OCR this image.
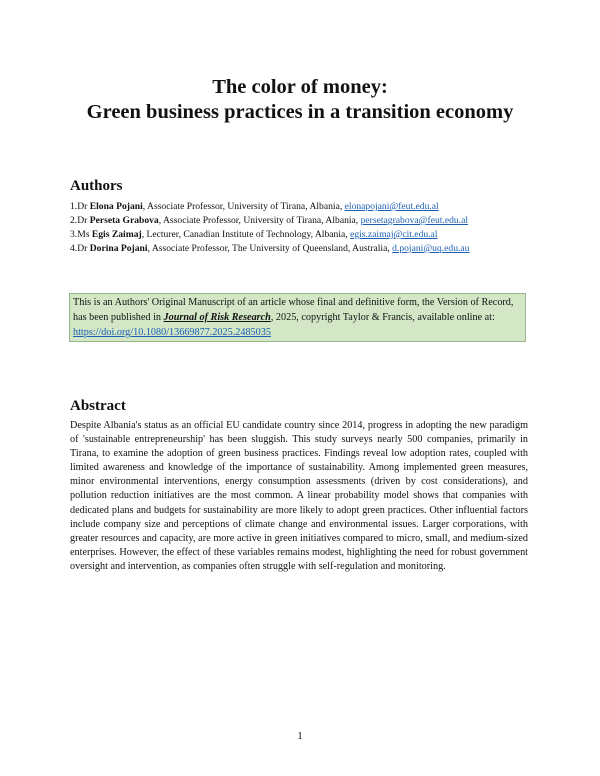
The color of money:
Green business practices in a transition economy
Authors
1.Dr Elona Pojani, Associate Professor, University of Tirana, Albania, elonapojani@feut.edu.al
2.Dr Perseta Grabova, Associate Professor, University of Tirana, Albania, persetagrabova@feut.edu.al
3.Ms Egis Zaimaj, Lecturer, Canadian Institute of Technology, Albania, egis.zaimaj@cit.edu.al
4.Dr Dorina Pojani, Associate Professor, The University of Queensland, Australia, d.pojani@uq.edu.au
This is an Authors' Original Manuscript of an article whose final and definitive form, the Version of Record, has been published in Journal of Risk Research, 2025, copyright Taylor & Francis, available online at: https://doi.org/10.1080/13669877.2025.2485035
Abstract
Despite Albania's status as an official EU candidate country since 2014, progress in adopting the new paradigm of 'sustainable entrepreneurship' has been sluggish. This study surveys nearly 500 companies, primarily in Tirana, to examine the adoption of green business practices. Findings reveal low adoption rates, coupled with limited awareness and knowledge of the importance of sustainability. Among implemented green measures, minor environmental interventions, energy consumption assessments (driven by cost considerations), and pollution reduction initiatives are the most common. A linear probability model shows that companies with dedicated plans and budgets for sustainability are more likely to adopt green practices. Other influential factors include company size and perceptions of climate change and environmental issues. Larger corporations, with greater resources and capacity, are more active in green initiatives compared to micro, small, and medium-sized enterprises. However, the effect of these variables remains modest, highlighting the need for robust government oversight and intervention, as companies often struggle with self-regulation and monitoring.
1
